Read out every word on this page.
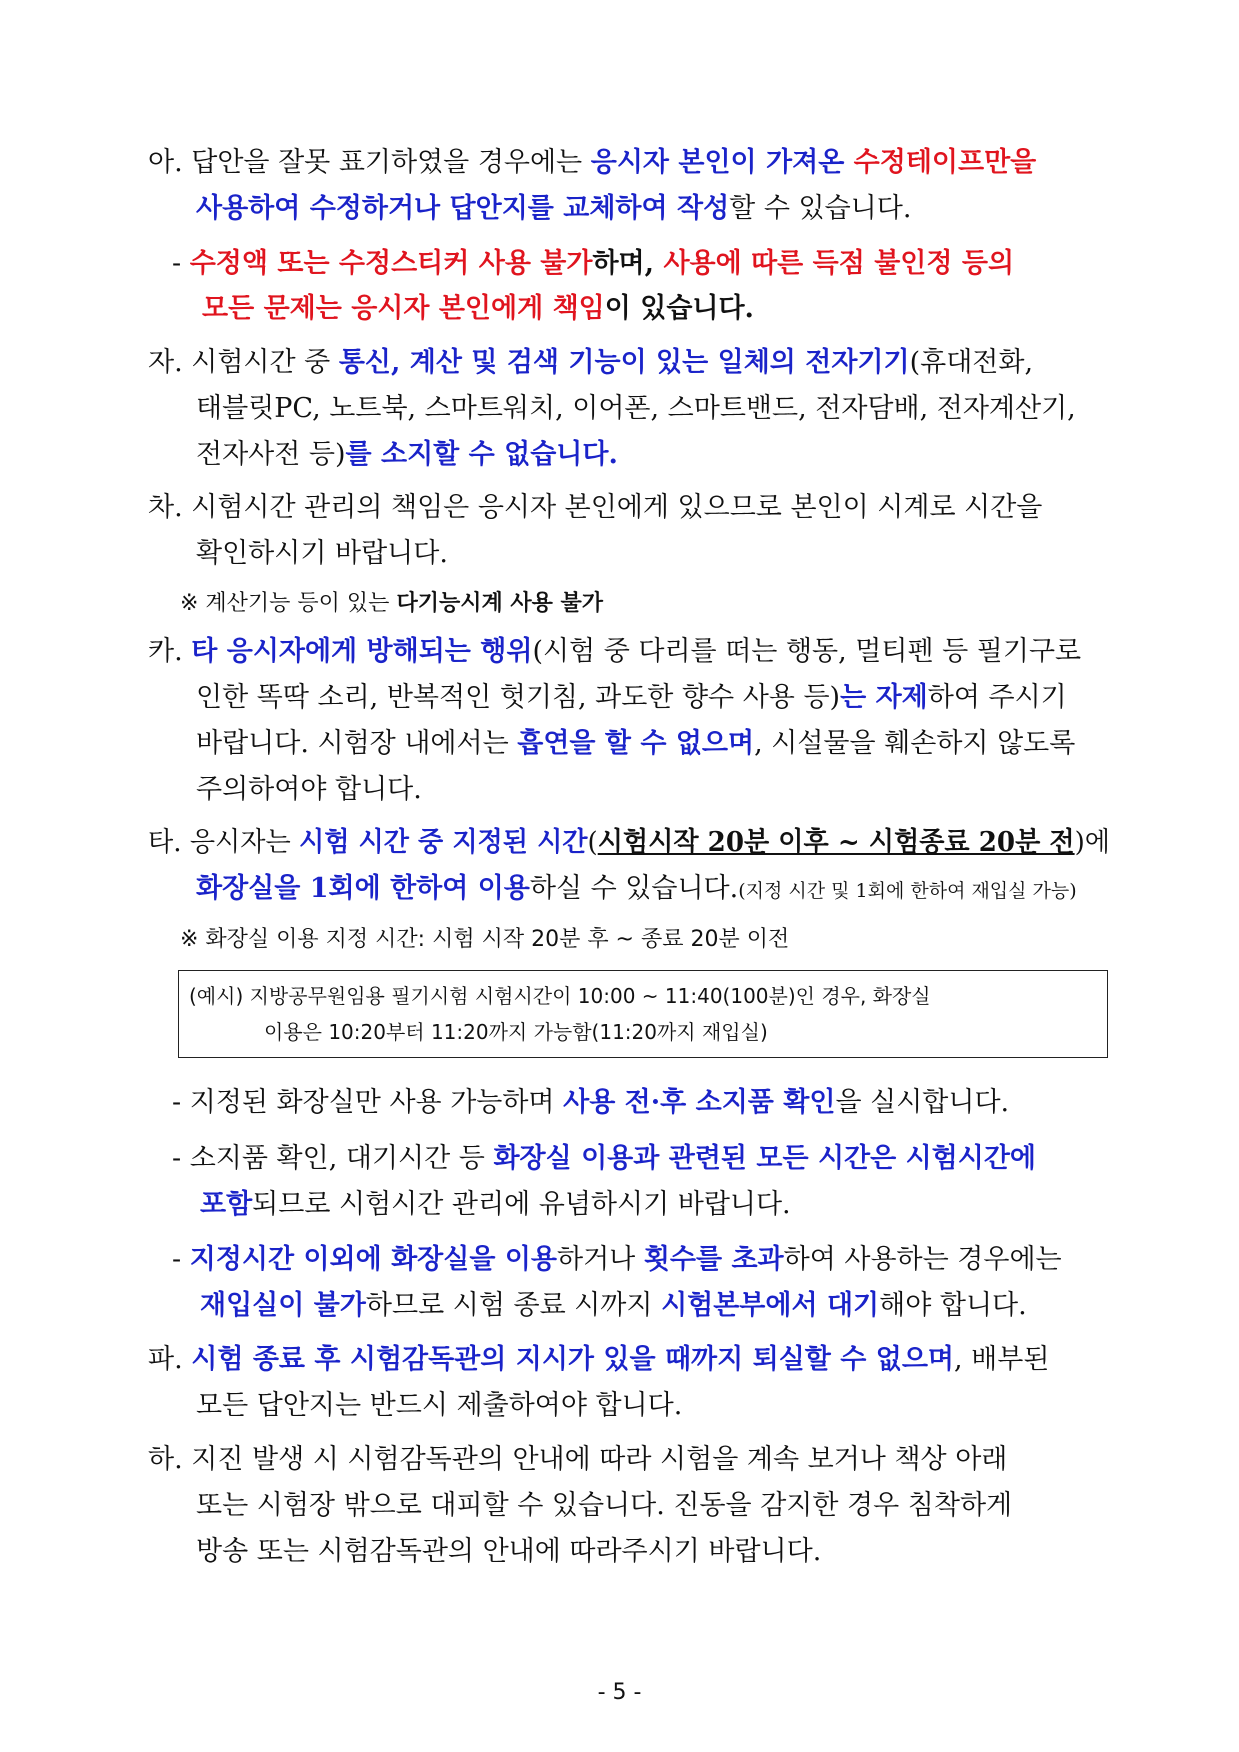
아. 답안을 잘못 표기하였을 경우에는 응시자 본인이 가져온 수정테이프만을
사용하여 수정하거나 답안지를 교체하여 작성할 수 있습니다.
- 수정액 또는 수정스티커 사용 불가하며, 사용에 따른 득점 불인정 등의
모든 문제는 응시자 본인에게 책임이 있습니다.
자. 시험시간 중 통신, 계산 및 검색 기능이 있는 일체의 전자기기(휴대전화,
태블릿PC, 노트북, 스마트워치, 이어폰, 스마트밴드, 전자담배, 전자계산기,
전자사전 등)를 소지할 수 없습니다.
차. 시험시간 관리의 책임은 응시자 본인에게 있으므로 본인이 시계로 시간을
확인하시기 바랍니다.
※ 계산기능 등이 있는 다기능시계 사용 불가
카. 타 응시자에게 방해되는 행위(시험 중 다리를 떠는 행동, 멀티펜 등 필기구로
인한 똑딱 소리, 반복적인 헛기침, 과도한 향수 사용 등)는 자제하여 주시기
바랍니다. 시험장 내에서는 흡연을 할 수 없으며, 시설물을 훼손하지 않도록
주의하여야 합니다.
타. 응시자는 시험 시간 중 지정된 시간(시험시작 20분 이후 ~ 시험종료 20분 전)에
화장실을 1회에 한하여 이용하실 수 있습니다.(지정 시간 및 1회에 한하여 재입실 가능)
※ 화장실 이용 지정 시간: 시험 시작 20분 후 ~ 종료 20분 이전
(예시) 지방공무원임용 필기시험 시험시간이 10:00 ~ 11:40(100분)인 경우, 화장실
이용은 10:20부터 11:20까지 가능함(11:20까지 재입실)
- 지정된 화장실만 사용 가능하며 사용 전·후 소지품 확인을 실시합니다.
- 소지품 확인, 대기시간 등 화장실 이용과 관련된 모든 시간은 시험시간에
포함되므로 시험시간 관리에 유념하시기 바랍니다.
- 지정시간 이외에 화장실을 이용하거나 횟수를 초과하여 사용하는 경우에는
재입실이 불가하므로 시험 종료 시까지 시험본부에서 대기해야 합니다.
파. 시험 종료 후 시험감독관의 지시가 있을 때까지 퇴실할 수 없으며, 배부된
모든 답안지는 반드시 제출하여야 합니다.
하. 지진 발생 시 시험감독관의 안내에 따라 시험을 계속 보거나 책상 아래
또는 시험장 밖으로 대피할 수 있습니다. 진동을 감지한 경우 침착하게
방송 또는 시험감독관의 안내에 따라주시기 바랍니다.
- 5 -
